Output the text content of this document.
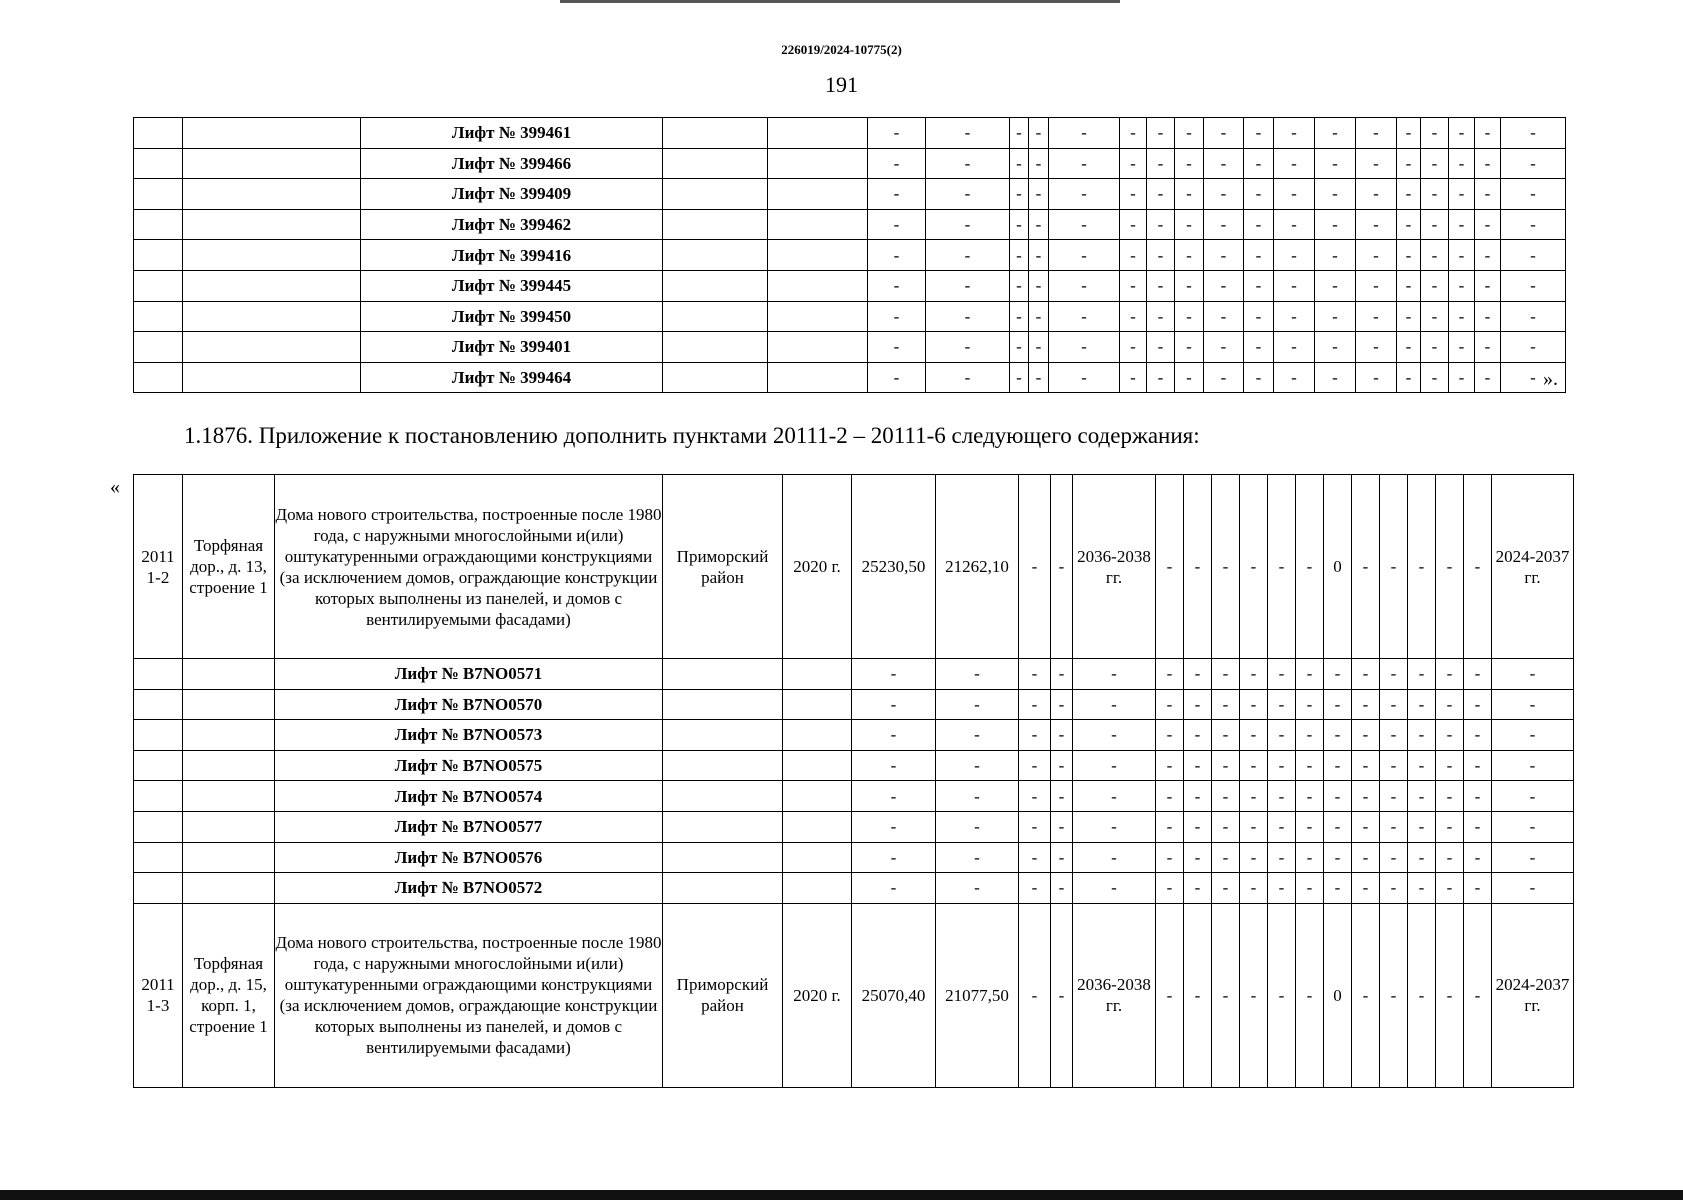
226019/2024-10775(2)
191
		Лифт № 399461			-	-	-	-	-	-	-	-	-	-	-	-	-	-	-	-	-	-
		Лифт № 399466			-	-	-	-	-	-	-	-	-	-	-	-	-	-	-	-	-	-
		Лифт № 399409			-	-	-	-	-	-	-	-	-	-	-	-	-	-	-	-	-	-
		Лифт № 399462			-	-	-	-	-	-	-	-	-	-	-	-	-	-	-	-	-	-
		Лифт № 399416			-	-	-	-	-	-	-	-	-	-	-	-	-	-	-	-	-	-
		Лифт № 399445			-	-	-	-	-	-	-	-	-	-	-	-	-	-	-	-	-	-
		Лифт № 399450			-	-	-	-	-	-	-	-	-	-	-	-	-	-	-	-	-	-
		Лифт № 399401			-	-	-	-	-	-	-	-	-	-	-	-	-	-	-	-	-	-
		Лифт № 399464			-	-	-	-	-	-	-	-	-	-	-	-	-	-	-	-	-	- ».
1.1876. Приложение к постановлению дополнить пунктами 20111-2 – 20111-6 следующего содержания:
«
2011 1-2	Торфяная дор., д. 13, строение 1	Дома нового строительства, построенные после 1980 года, с наружными многослойными и(или) оштукатуренными ограждающими конструкциями (за исключением домов, ограждающие конструкции которых выполнены из панелей, и домов с вентилируемыми фасадами)	Приморский район	2020 г.	25230,50	21262,10	-	-	2036-2038 гг.	-	-	-	-	-	-	0	-	-	-	-	-	2024-2037 гг.
		Лифт № В7NO0571			-	-	-	-	-	-	-	-	-	-	-	-	-	-	-	-	-	-
		Лифт № В7NO0570			-	-	-	-	-	-	-	-	-	-	-	-	-	-	-	-	-	-
		Лифт № В7NO0573			-	-	-	-	-	-	-	-	-	-	-	-	-	-	-	-	-	-
		Лифт № В7NO0575			-	-	-	-	-	-	-	-	-	-	-	-	-	-	-	-	-	-
		Лифт № В7NO0574			-	-	-	-	-	-	-	-	-	-	-	-	-	-	-	-	-	-
		Лифт № В7NO0577			-	-	-	-	-	-	-	-	-	-	-	-	-	-	-	-	-	-
		Лифт № В7NO0576			-	-	-	-	-	-	-	-	-	-	-	-	-	-	-	-	-	-
		Лифт № В7NO0572			-	-	-	-	-	-	-	-	-	-	-	-	-	-	-	-	-	-
2011 1-3	Торфяная дор., д. 15, корп. 1, строение 1	Дома нового строительства, построенные после 1980 года, с наружными многослойными и(или) оштукатуренными ограждающими конструкциями (за исключением домов, ограждающие конструкции которых выполнены из панелей, и домов с вентилируемыми фасадами)	Приморский район	2020 г.	25070,40	21077,50	-	-	2036-2038 гг.	-	-	-	-	-	-	0	-	-	-	-	-	2024-2037 гг.
